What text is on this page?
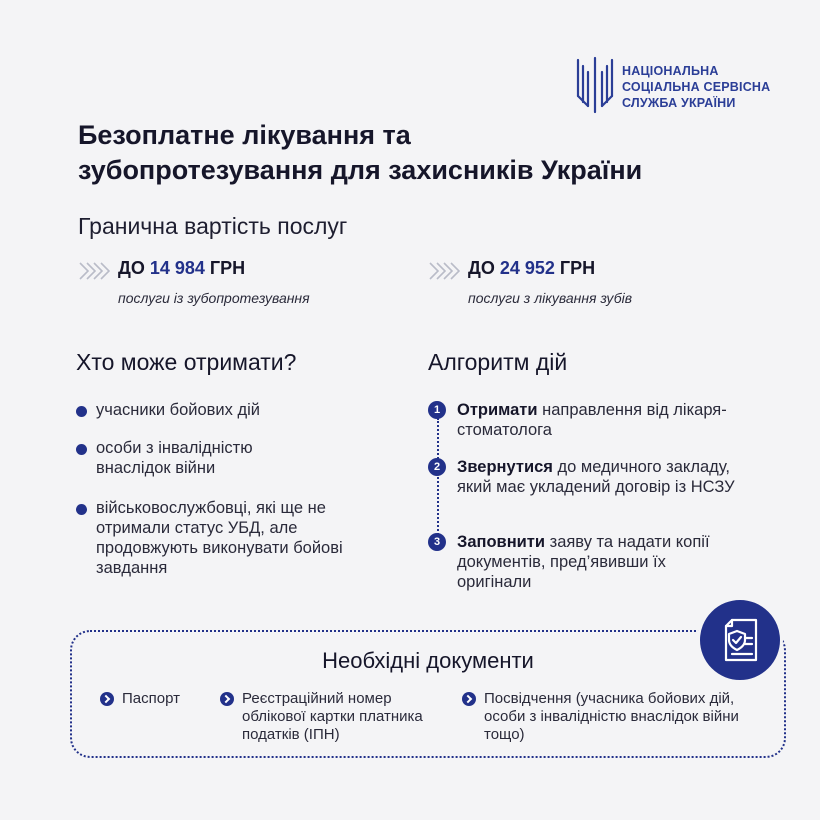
НАЦІОНАЛЬНА
СОЦІАЛЬНА СЕРВІСНА
СЛУЖБА УКРАЇНИ
Безоплатне лікування та
зубопротезування для захисників України
Гранична вартість послуг
ДО 14 984 ГРН
послуги із зубопротезування
ДО 24 952 ГРН
послуги з лікування зубів
Хто може отримати?
учасники бойових дій
особи з інвалідністю внаслідок війни
військовослужбовці, які ще не отримали статус УБД, але продовжують виконувати бойові завдання
Алгоритм дій
1	Отримати направлення від лікаря-стоматолога
2	Звернутися до медичного закладу, який має укладений договір із НСЗУ
3	Заповнити заяву та надати копії документів, пред’явивши їх оригінали
Необхідні документи
Паспорт	Реєстраційний номер облікової картки платника податків (ІПН)
Посвідчення (учасника бойових дій, особи з інвалідністю внаслідок війни тощо)
